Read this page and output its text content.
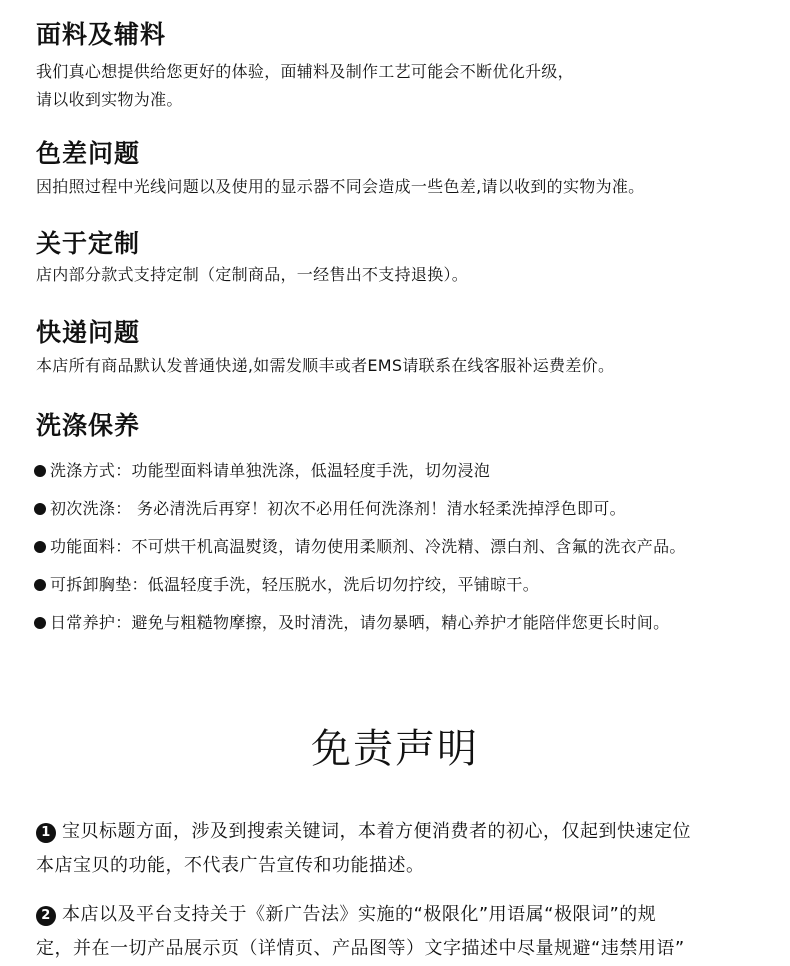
面料及辅料

我们真心想提供给您更好的体验，面辅料及制作工艺可能会不断优化升级，

请以收到实物为准。

色差问题

因拍照过程中光线问题以及使用的显示器不同会造成一些色差,请以收到的实物为准。

关于定制

店内部分款式支持定制（定制商品，一经售出不支持退换）。

快递问题

本店所有商品默认发普通快递,如需发顺丰或者EMS请联系在线客服补运费差价。

洗涤保养
洗涤方式：功能型面料请单独洗涤，低温轻度手洗，切勿浸泡
初次洗涤： 务必清洗后再穿！初次不必用任何洗涤剂！清水轻柔洗掉浮色即可。
功能面料：不可烘干机高温熨烫，请勿使用柔顺剂、冷洗精、漂白剂、含氟的洗衣产品。
可拆卸胸垫：低温轻度手洗，轻压脱水，洗后切勿拧绞，平铺晾干。
日常养护：避免与粗糙物摩擦，及时清洗，请勿暴晒，精心养护才能陪伴您更长时间。
免责声明

1 宝贝标题方面，涉及到搜索关键词，本着方便消费者的初心，仅起到快速定位

本店宝贝的功能，不代表广告宣传和功能描述。

2 本店以及平台支持关于《新广告法》实施的“极限化”用语属“极限词”的规

定，并在一切产品展示页（详情页、产品图等）文字描述中尽量规避“违禁用语”
